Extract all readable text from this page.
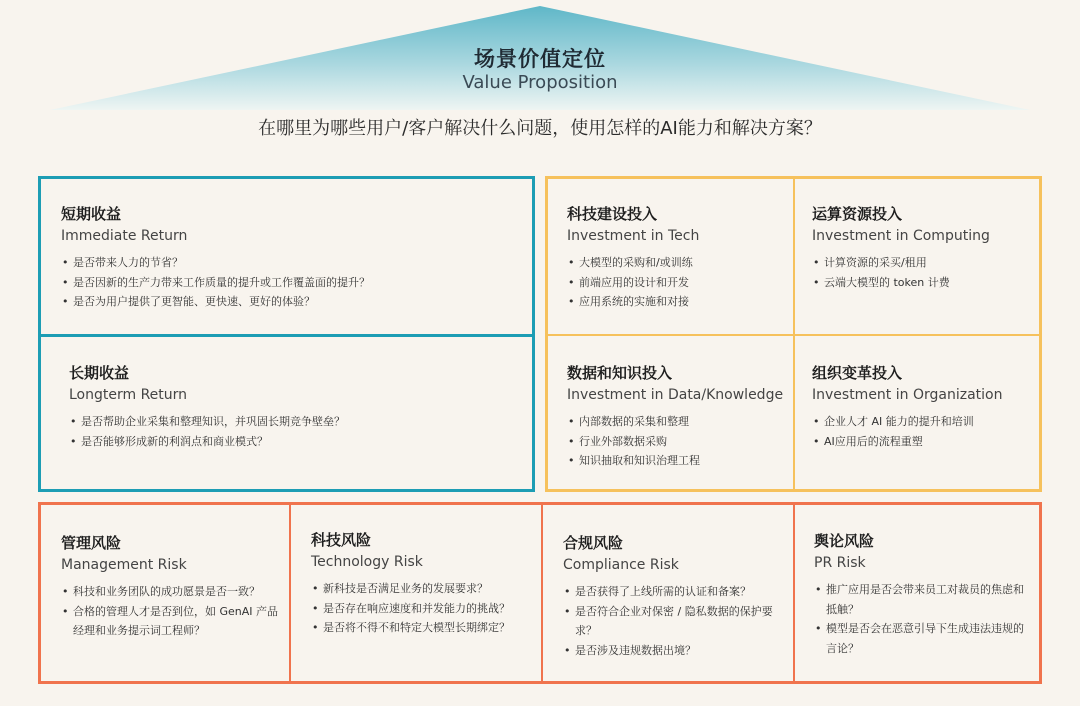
场景价值定位
Value Proposition
在哪里为哪些用户/客户解决什么问题，使用怎样的AI能力和解决方案？

短期收益

Immediate Return

• 是否带来人力的节省？
• 是否因新的生产力带来工作质量的提升或工作覆盖面的提升？
• 是否为用户提供了更智能、更快速、更好的体验？

长期收益

Longterm Return

• 是否帮助企业采集和整理知识，并巩固长期竞争壁垒？
• 是否能够形成新的利润点和商业模式？

科技建设投入

Investment in Tech

• 大模型的采购和/或训练
• 前端应用的设计和开发
• 应用系统的实施和对接

运算资源投入

Investment in Computing

• 计算资源的采买/租用
• 云端大模型的 token 计费

数据和知识投入

Investment in Data/Knowledge

• 内部数据的采集和整理
• 行业外部数据采购
• 知识抽取和知识治理工程

组织变革投入

Investment in Organization

• 企业人才 AI 能力的提升和培训
• AI应用后的流程重塑

管理风险

Management Risk

• 科技和业务团队的成功愿景是否一致？
• 合格的管理人才是否到位，如 GenAI 产品经理和业务提示词工程师？

科技风险

Technology Risk

• 新科技是否满足业务的发展要求？
• 是否存在响应速度和并发能力的挑战？
• 是否将不得不和特定大模型长期绑定？

合规风险

Compliance Risk

• 是否获得了上线所需的认证和备案？
• 是否符合企业对保密 / 隐私数据的保护要求？
• 是否涉及违规数据出境？

舆论风险

PR Risk

• 推广应用是否会带来员工对裁员的焦虑和抵触？
• 模型是否会在恶意引导下生成违法违规的言论？
